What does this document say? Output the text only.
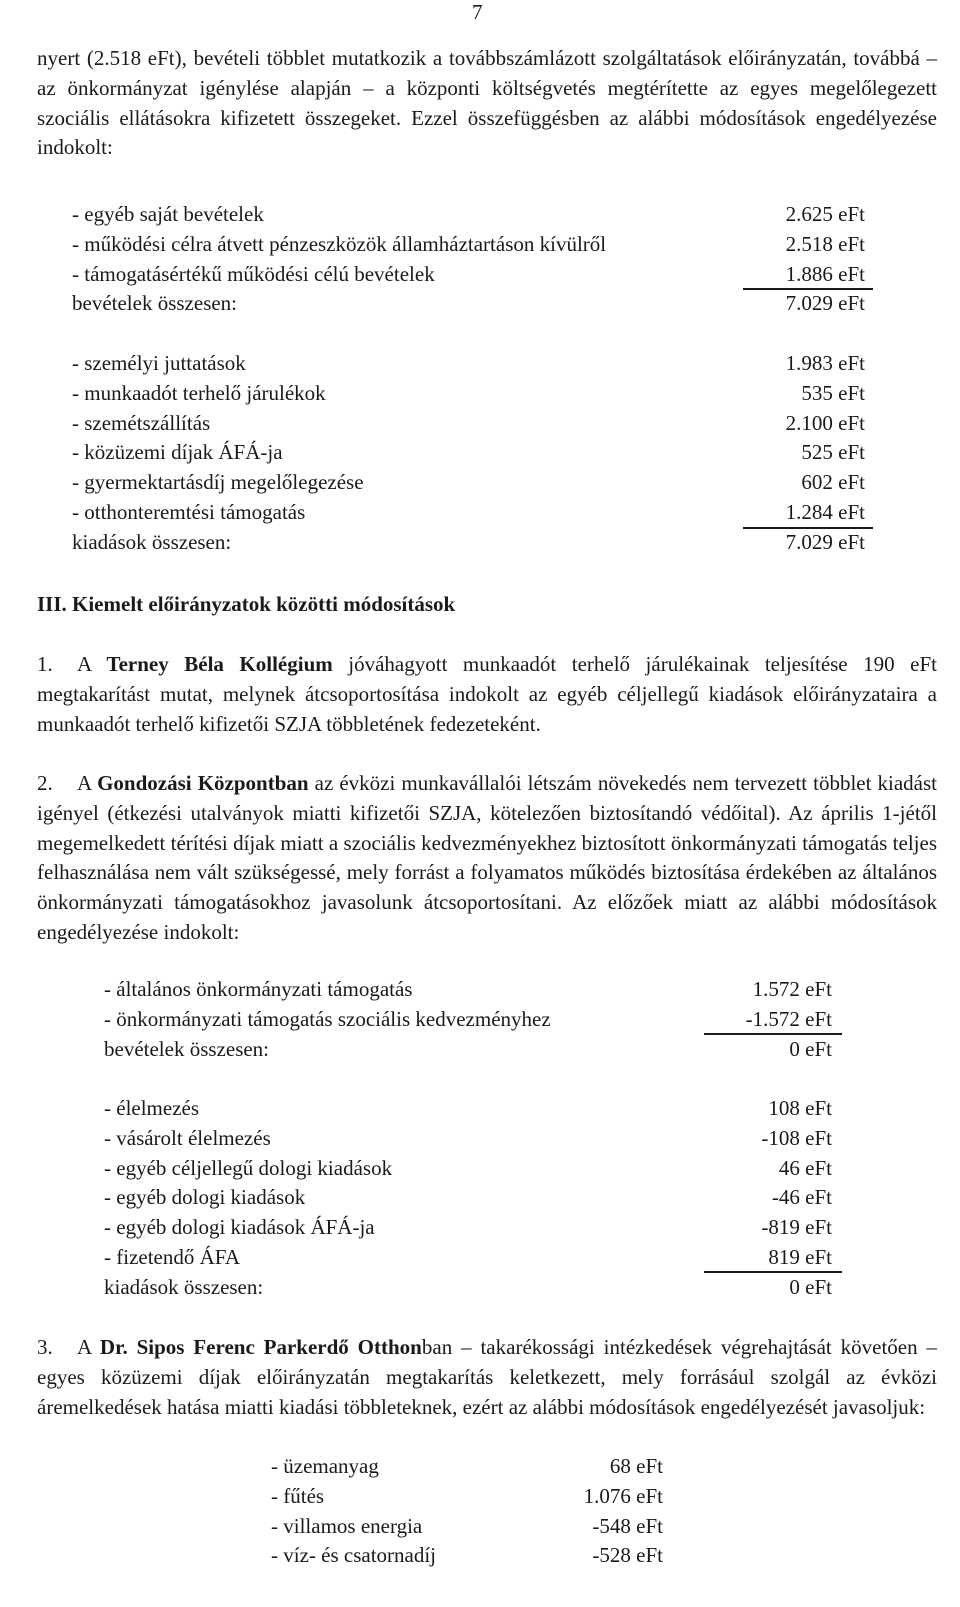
7
nyert (2.518 eFt), bevételi többlet mutatkozik a továbbszámlázott szolgáltatások előirányzatán, továbbá – az önkormányzat igénylése alapján – a központi költségvetés megtérítette az egyes megelőlegezett szociális ellátásokra kifizetett összegeket. Ezzel összefüggésben az alábbi módosítások engedélyezése indokolt:
- egyéb saját bevételek	2.625 eFt
- működési célra átvett pénzeszközök államháztartáson kívülről	2.518 eFt
- támogatásértékű működési célú bevételek	1.886 eFt
bevételek összesen:	7.029 eFt
- személyi juttatások	1.983 eFt
- munkaadót terhelő járulékok	535 eFt
- szemétszállítás	2.100 eFt
- közüzemi díjak ÁFÁ-ja	525 eFt
- gyermektartásdíj megelőlegezése	602 eFt
- otthonteremtési támogatás	1.284 eFt
kiadások összesen:	7.029 eFt
III. Kiemelt előirányzatok közötti módosítások
1.	A Terney Béla Kollégium jóváhagyott munkaadót terhelő járulékainak teljesítése 190 eFt megtakarítást mutat, melynek átcsoportosítása indokolt az egyéb céljellegű kiadások előirányzataira a munkaadót terhelő kifizetői SZJA többletének fedezeteként.
2.	A Gondozási Központban az évközi munkavállalói létszám növekedés nem tervezett többlet kiadást igényel (étkezési utalványok miatti kifizetői SZJA, kötelezően biztosítandó védőital). Az április 1-jétől megemelkedett térítési díjak miatt a szociális kedvezményekhez biztosított önkormányzati támogatás teljes felhasználása nem vált szükségessé, mely forrást a folyamatos működés biztosítása érdekében az általános önkormányzati támogatásokhoz javasolunk átcsoportosítani. Az előzőek miatt az alábbi módosítások engedélyezése indokolt:
- általános önkormányzati támogatás	1.572 eFt
- önkormányzati támogatás szociális kedvezményhez	-1.572 eFt
bevételek összesen:	0 eFt
- élelmezés	108 eFt
- vásárolt élelmezés	-108 eFt
- egyéb céljellegű dologi kiadások	46 eFt
- egyéb dologi kiadások	-46 eFt
- egyéb dologi kiadások ÁFÁ-ja	-819 eFt
- fizetendő ÁFA	819 eFt
kiadások összesen:	0 eFt
3.	A Dr. Sipos Ferenc Parkerdő Otthonban – takarékossági intézkedések végrehajtását követően – egyes közüzemi díjak előirányzatán megtakarítás keletkezett, mely forrásául szolgál az évközi áremelkedések hatása miatti kiadási többleteknek, ezért az alábbi módosítások engedélyezését javasoljuk:
- üzemanyag	68 eFt
- fűtés	1.076 eFt
- villamos energia	-548 eFt
- víz- és csatornadíj	-528 eFt
